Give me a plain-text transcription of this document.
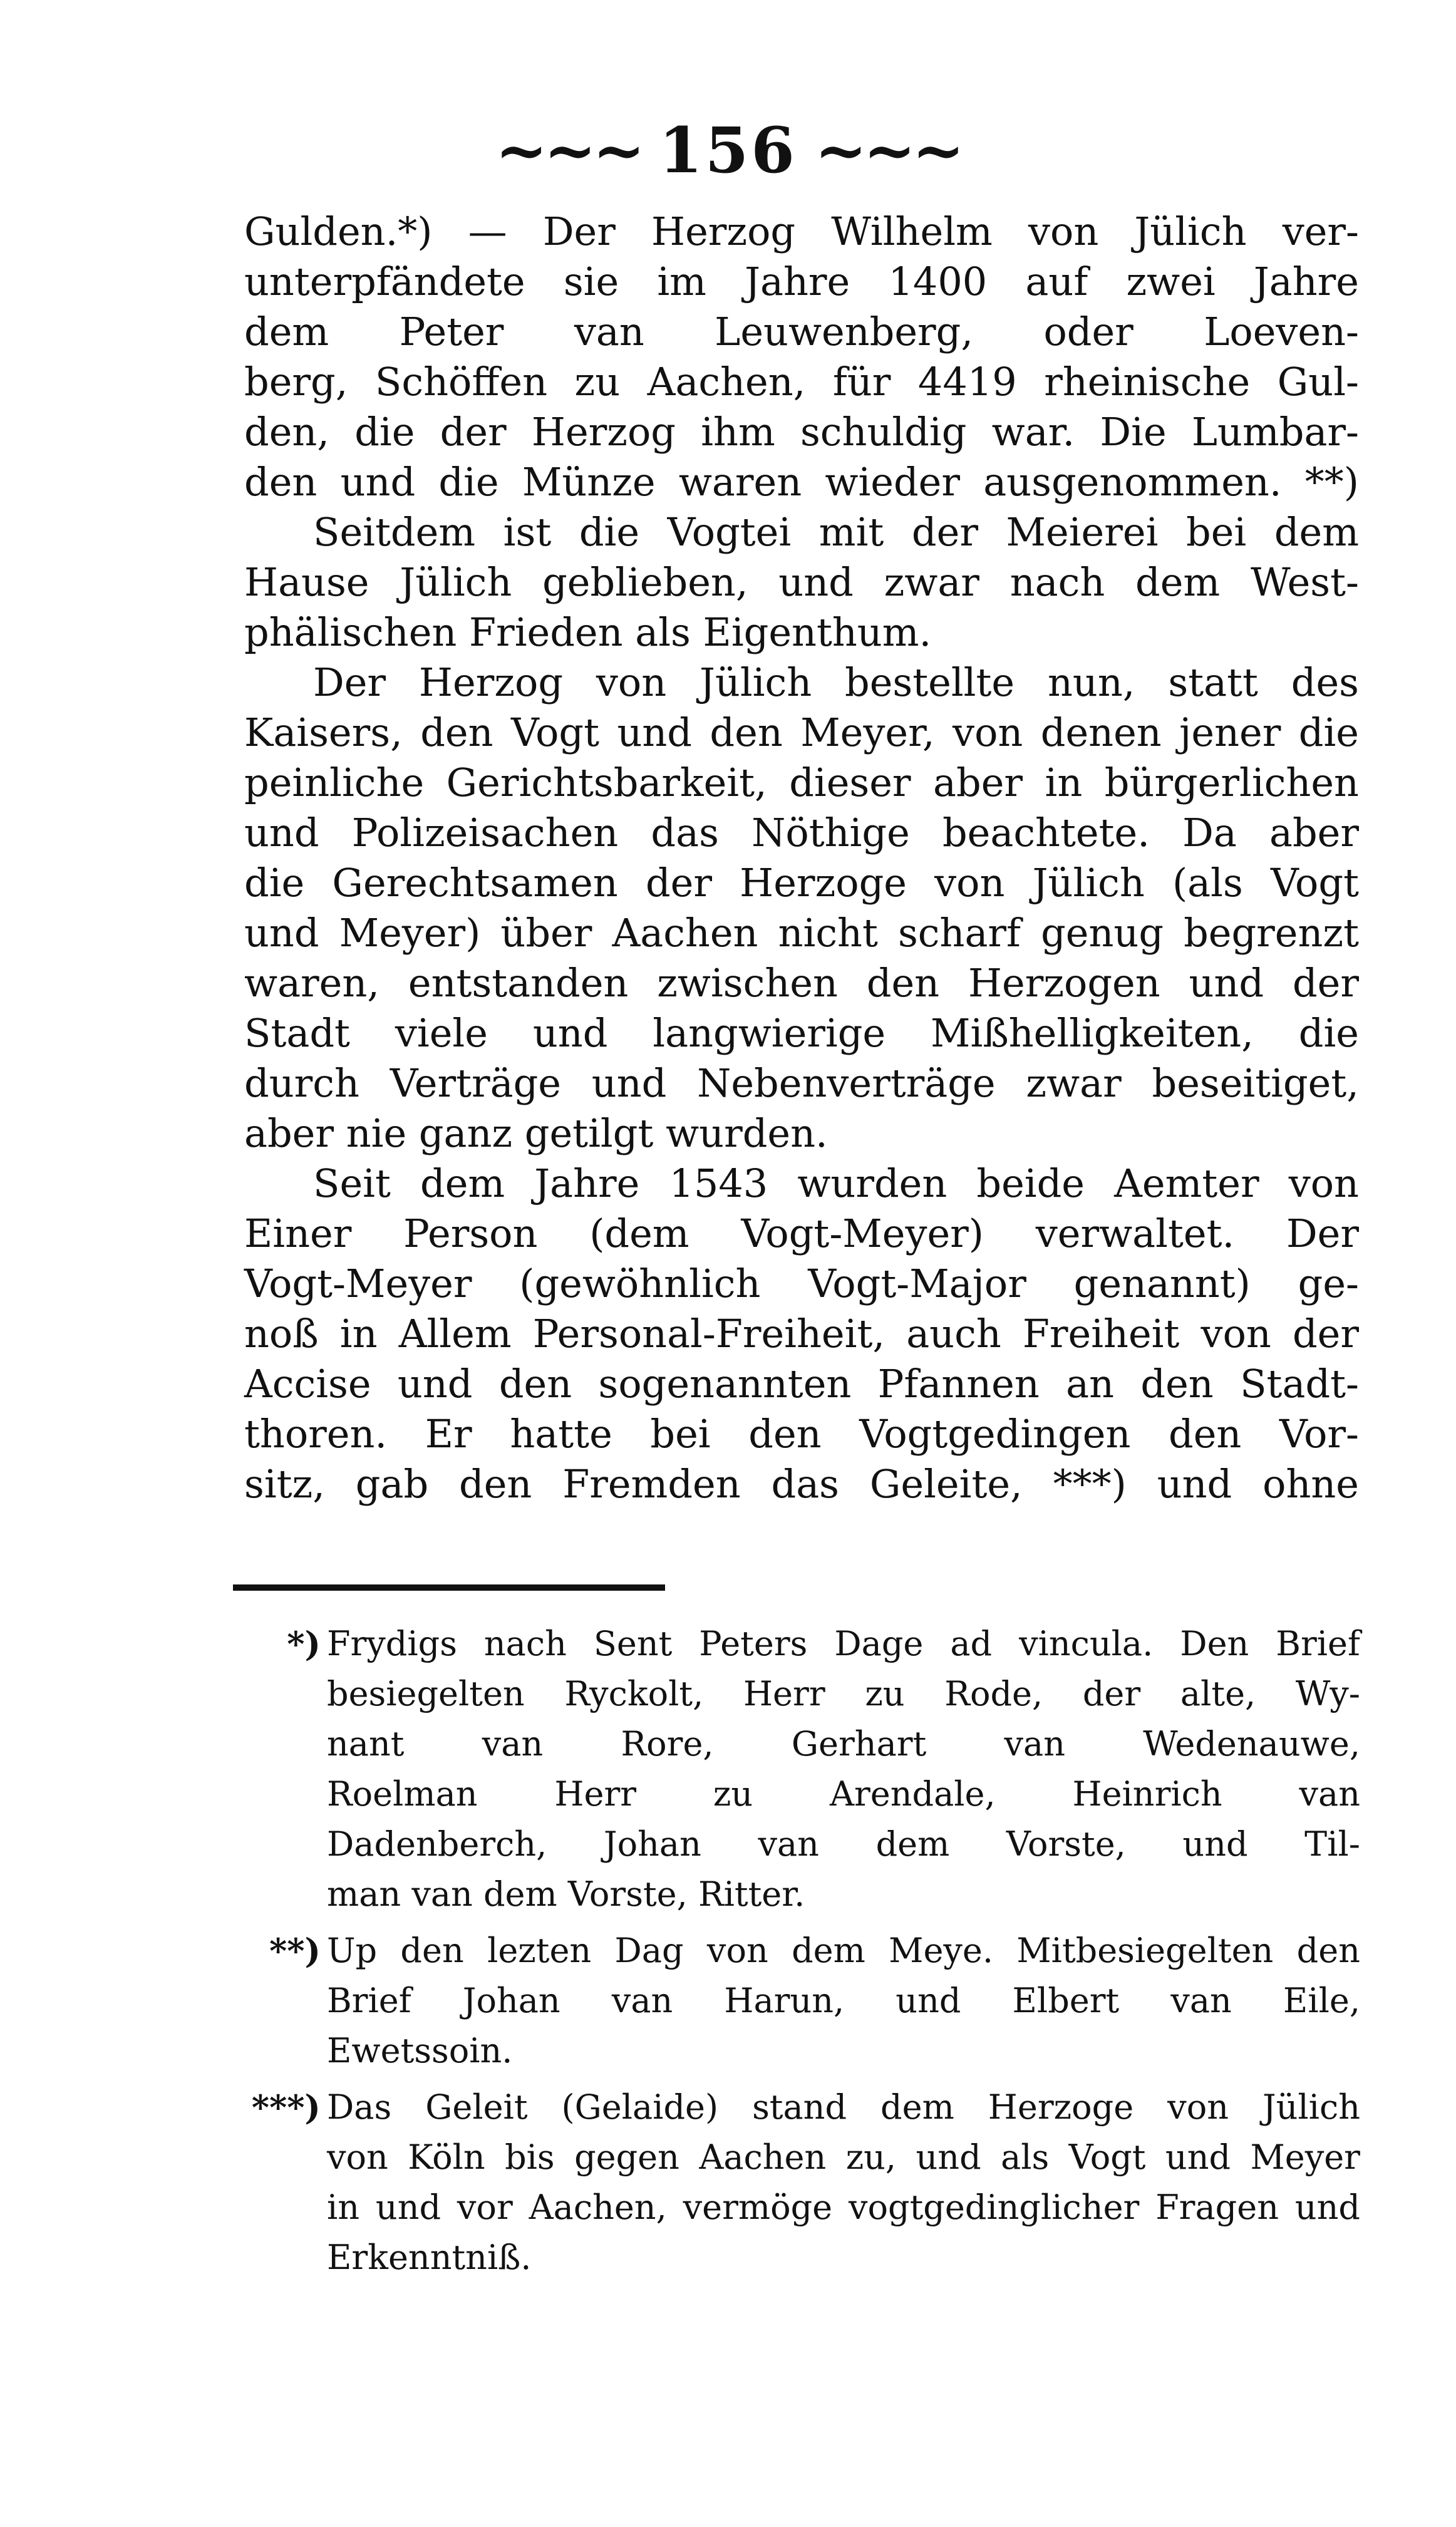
~~~ 156 ~~~
Gulden.*) — Der Herzog Wilhelm von Jülich ver-
unterpfändete sie im Jahre 1400 auf zwei Jahre
dem Peter van Leuwenberg, oder Loeven-
berg, Schöffen zu Aachen, für 4419 rheinische Gul-
den, die der Herzog ihm schuldig war. Die Lumbar-
den und die Münze waren wieder ausgenommen. **)
Seitdem ist die Vogtei mit der Meierei bei dem
Hause Jülich geblieben, und zwar nach dem West-
phälischen Frieden als Eigenthum.
Der Herzog von Jülich bestellte nun, statt des
Kaisers, den Vogt und den Meyer, von denen jener die
peinliche Gerichtsbarkeit, dieser aber in bürgerlichen
und Polizeisachen das Nöthige beachtete. Da aber
die Gerechtsamen der Herzoge von Jülich (als Vogt
und Meyer) über Aachen nicht scharf genug begrenzt
waren, entstanden zwischen den Herzogen und der
Stadt viele und langwierige Mißhelligkeiten, die
durch Verträge und Nebenverträge zwar beseitiget,
aber nie ganz getilgt wurden.
Seit dem Jahre 1543 wurden beide Aemter von
Einer Person (dem Vogt-Meyer) verwaltet. Der
Vogt-Meyer (gewöhnlich Vogt-Major genannt) ge-
noß in Allem Personal-Freiheit, auch Freiheit von der
Accise und den sogenannten Pfannen an den Stadt-
thoren. Er hatte bei den Vogtgedingen den Vor-
sitz, gab den Fremden das Geleite, ***) und ohne
*) Frydigs nach Sent Peters Dage ad vincula. Den Brief
besiegelten Ryckolt, Herr zu Rode, der alte, Wy-
nant van Rore, Gerhart van Wedenauwe,
Roelman Herr zu Arendale, Heinrich van
Dadenberch, Johan van dem Vorste, und Til-
man van dem Vorste, Ritter.
**) Up den lezten Dag von dem Meye. Mitbesiegelten den
Brief Johan van Harun, und Elbert van Eile,
Ewetssoin.
***) Das Geleit (Gelaide) stand dem Herzoge von Jülich
von Köln bis gegen Aachen zu, und als Vogt und Meyer
in und vor Aachen, vermöge vogtgedinglicher Fragen und
Erkenntniß.
